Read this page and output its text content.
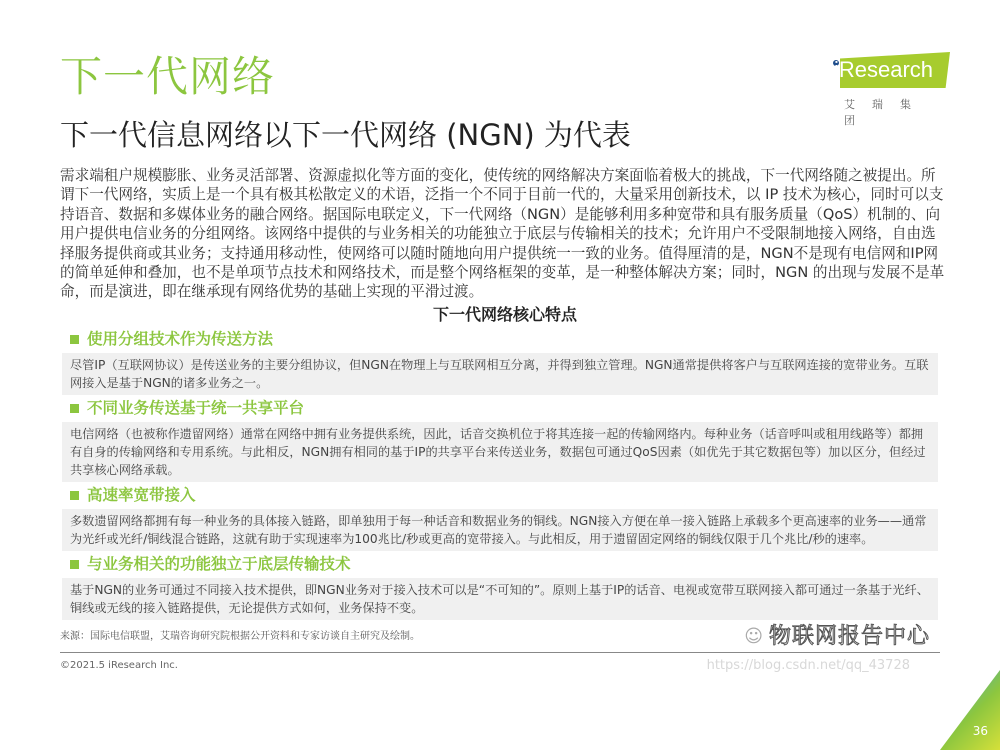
下一代网络
下一代信息网络以下一代网络 (NGN) 为代表
iResearch
艾瑞集团
36
需求端租户规模膨胀、业务灵活部署、资源虚拟化等方面的变化，使传统的网络解决方案面临着极大的挑战，下一代网络随之被提出。所谓下一代网络，实质上是一个具有极其松散定义的术语，泛指一个不同于目前一代的，大量采用创新技术，以 IP 技术为核心，同时可以支持语音、数据和多媒体业务的融合网络。据国际电联定义，下一代网络（NGN）是能够利用多种宽带和具有服务质量（QoS）机制的、向用户提供电信业务的分组网络。该网络中提供的与业务相关的功能独立于底层与传输相关的技术；允许用户不受限制地接入网络，自由选择服务提供商或其业务；支持通用移动性，使网络可以随时随地向用户提供统一一致的业务。值得厘清的是，NGN不是现有电信网和IP网的简单延伸和叠加，也不是单项节点技术和网络技术，而是整个网络框架的变革，是一种整体解决方案；同时，NGN 的出现与发展不是革命，而是演进，即在继承现有网络优势的基础上实现的平滑过渡。
下一代网络核心特点
使用分组技术作为传送方法
尽管IP（互联网协议）是传送业务的主要分组协议，但NGN在物理上与互联网相互分离，并得到独立管理。NGN通常提供将客户与互联网连接的宽带业务。互联网接入是基于NGN的诸多业务之一。
不同业务传送基于统一共享平台
电信网络（也被称作遗留网络）通常在网络中拥有业务提供系统，因此，话音交换机位于将其连接一起的传输网络内。每种业务（话音呼叫或租用线路等）都拥有自身的传输网络和专用系统。与此相反，NGN拥有相同的基于IP的共享平台来传送业务，数据包可通过QoS因素（如优先于其它数据包等）加以区分，但经过共享核心网络承载。
高速率宽带接入
多数遗留网络都拥有每一种业务的具体接入链路，即单独用于每一种话音和数据业务的铜线。NGN接入方便在单一接入链路上承载多个更高速率的业务——通常为光纤或光纤/铜线混合链路，这就有助于实现速率为100兆比/秒或更高的宽带接入。与此相反，用于遗留固定网络的铜线仅限于几个兆比/秒的速率。
与业务相关的功能独立于底层传输技术
基于NGN的业务可通过不同接入技术提供，即NGN业务对于接入技术可以是“不可知的”。原则上基于IP的话音、电视或宽带互联网接入都可通过一条基于光纤、铜线或无线的接入链路提供，无论提供方式如何，业务保持不变。
来源：国际电信联盟，艾瑞咨询研究院根据公开资料和专家访谈自主研究及绘制。	☺ 物联网报告中心
©2021.5 iResearch Inc.	https://blog.csdn.net/qq_43728
